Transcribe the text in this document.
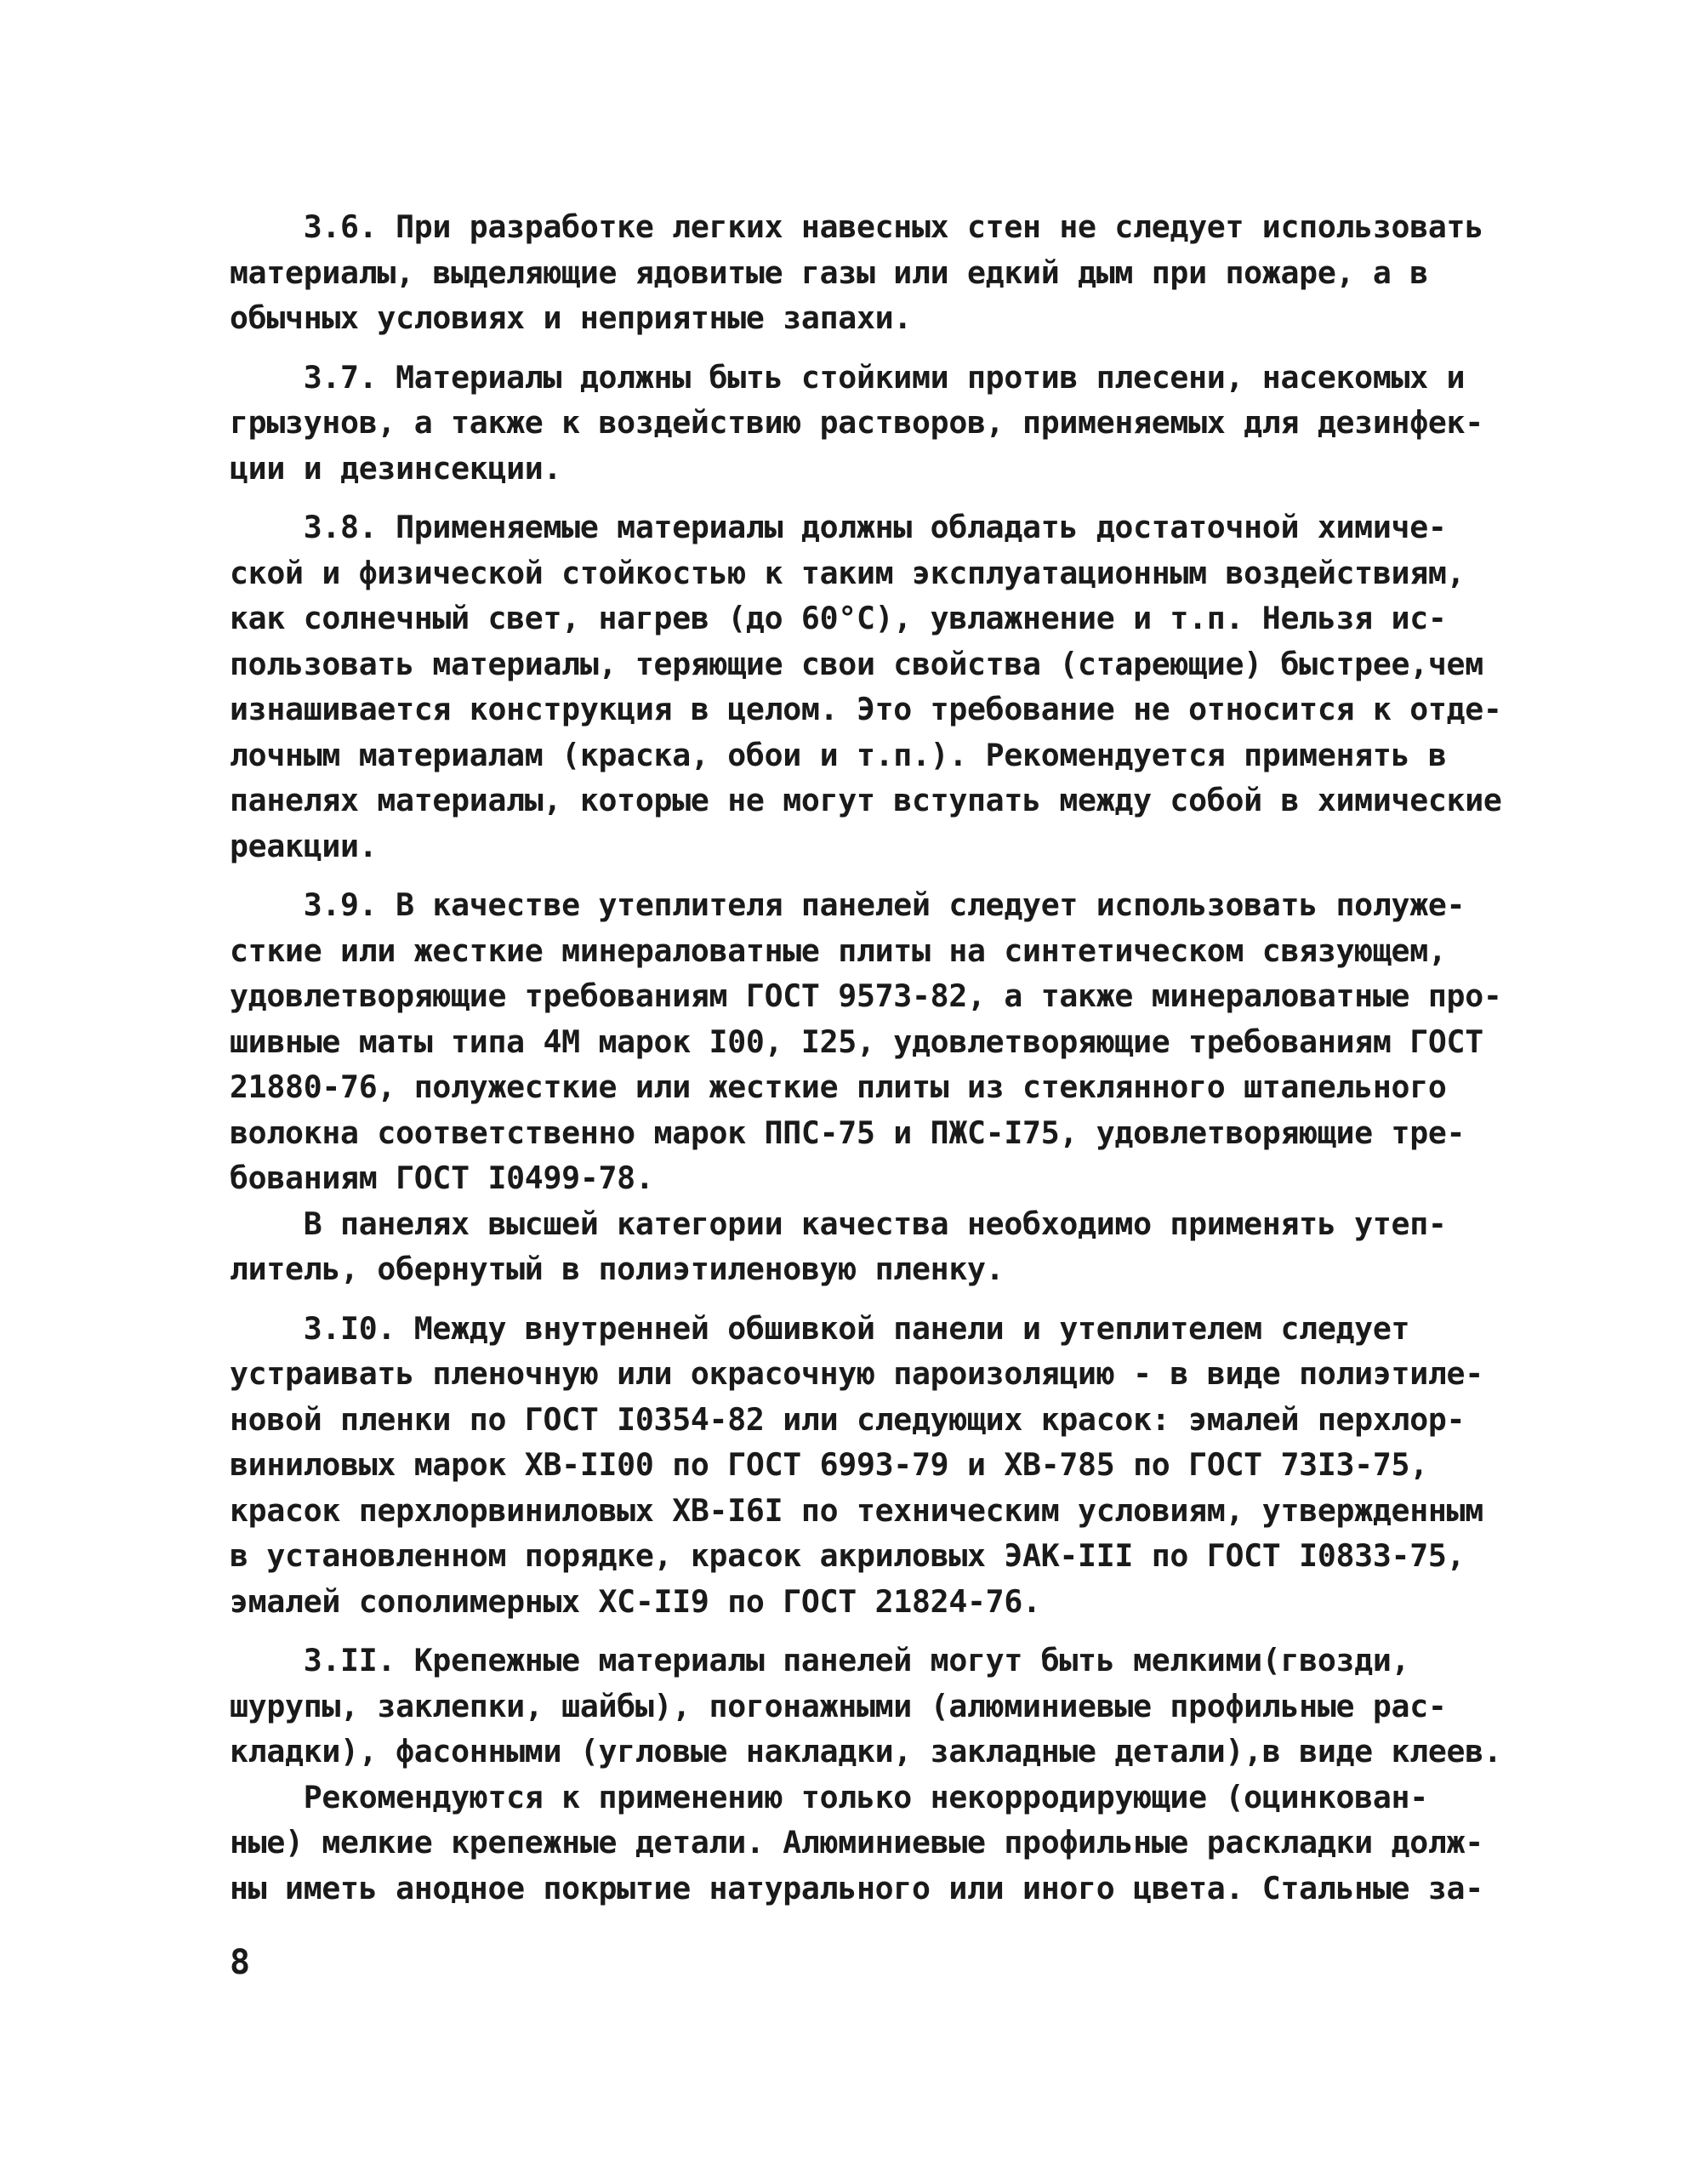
3.6. При разработке легких навесных стен не следует использовать
материалы, выделяющие ядовитые газы или едкий дым при пожаре, а в
обычных условиях и неприятные запахи.
3.7. Материалы должны быть стойкими против плесени, насекомых и
грызунов, а также к воздействию растворов, применяемых для дезинфек-
ции и дезинсекции.
3.8. Применяемые материалы должны обладать достаточной химиче-
ской и физической стойкостью к таким эксплуатационным воздействиям,
как солнечный свет, нагрев (до 60°С), увлажнение и т.п. Нельзя ис-
пользовать материалы, теряющие свои свойства (стареющие) быстрее,чем
изнашивается конструкция в целом. Это требование не относится к отде-
лочным материалам (краска, обои и т.п.). Рекомендуется применять в
панелях материалы, которые не могут вступать между собой в химические
реакции.
3.9. В качестве утеплителя панелей следует использовать полуже-
сткие или жесткие минераловатные плиты на синтетическом связующем,
удовлетворяющие требованиям ГОСТ 9573-82, а также минераловатные про-
шивные маты типа 4М марок I00, I25, удовлетворяющие требованиям ГОСТ
21880-76, полужесткие или жесткие плиты из стеклянного штапельного
волокна соответственно марок ППС-75 и ПЖС-I75, удовлетворяющие тре-
бованиям ГОСТ I0499-78.
В панелях высшей категории качества необходимо применять утеп-
литель, обернутый в полиэтиленовую пленку.
3.I0. Между внутренней обшивкой панели и утеплителем следует
устраивать пленочную или окрасочную пароизоляцию - в виде полиэтиле-
новой пленки по ГОСТ I0354-82 или следующих красок: эмалей перхлор-
виниловых марок ХВ-II00 по ГОСТ 6993-79 и ХВ-785 по ГОСТ 73I3-75,
красок перхлорвиниловых ХВ-I6I по техническим условиям, утвержденным
в установленном порядке, красок акриловых ЭАК-III по ГОСТ I0833-75,
эмалей сополимерных ХС-II9 по ГОСТ 21824-76.
3.II. Крепежные материалы панелей могут быть мелкими(гвозди,
шурупы, заклепки, шайбы), погонажными (алюминиевые профильные рас-
кладки), фасонными (угловые накладки, закладные детали),в виде клеев.
Рекомендуются к применению только некорродирующие (оцинкован-
ные) мелкие крепежные детали. Алюминиевые профильные раскладки долж-
ны иметь анодное покрытие натурального или иного цвета. Стальные за-
8
